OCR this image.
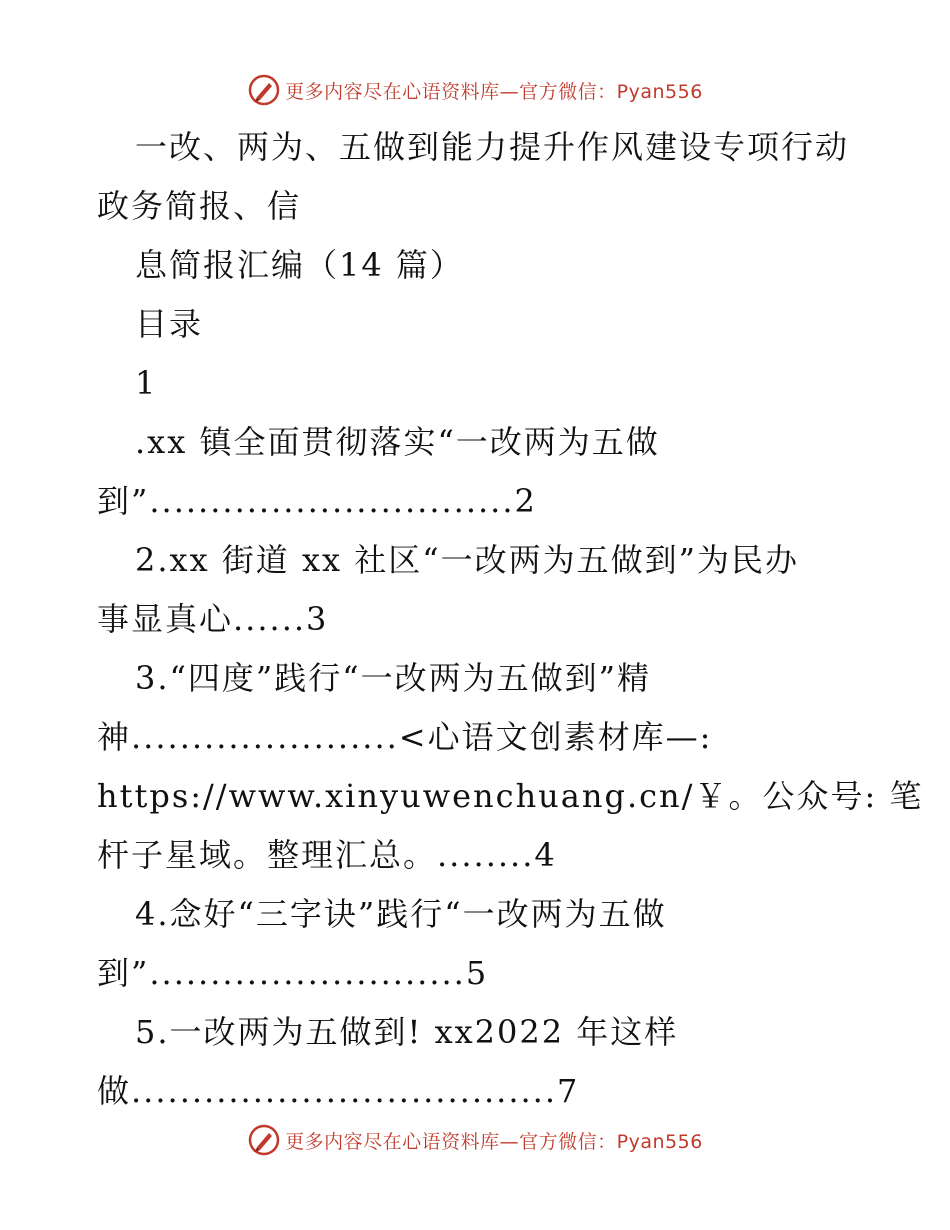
更多内容尽在心语资料库—官方微信：Pyan556
一改、两为、五做到能力提升作风建设专项行动
政务简报、信
息简报汇编（14 篇）
目录
1
.xx 镇全面贯彻落实“一改两为五做
到”..............................2
2.xx 街道 xx 社区“一改两为五做到”为民办
事显真心......3
3.“四度”践行“一改两为五做到”精
神......................<心语文创素材库—:
https://www.xinyuwenchuang.cn/￥。公众号: 笔
杆子星域。整理汇总。........4
4.念好“三字诀”践行“一改两为五做
到”..........................5
5.一改两为五做到! xx2022 年这样
做...................................7
更多内容尽在心语资料库—官方微信：Pyan556
